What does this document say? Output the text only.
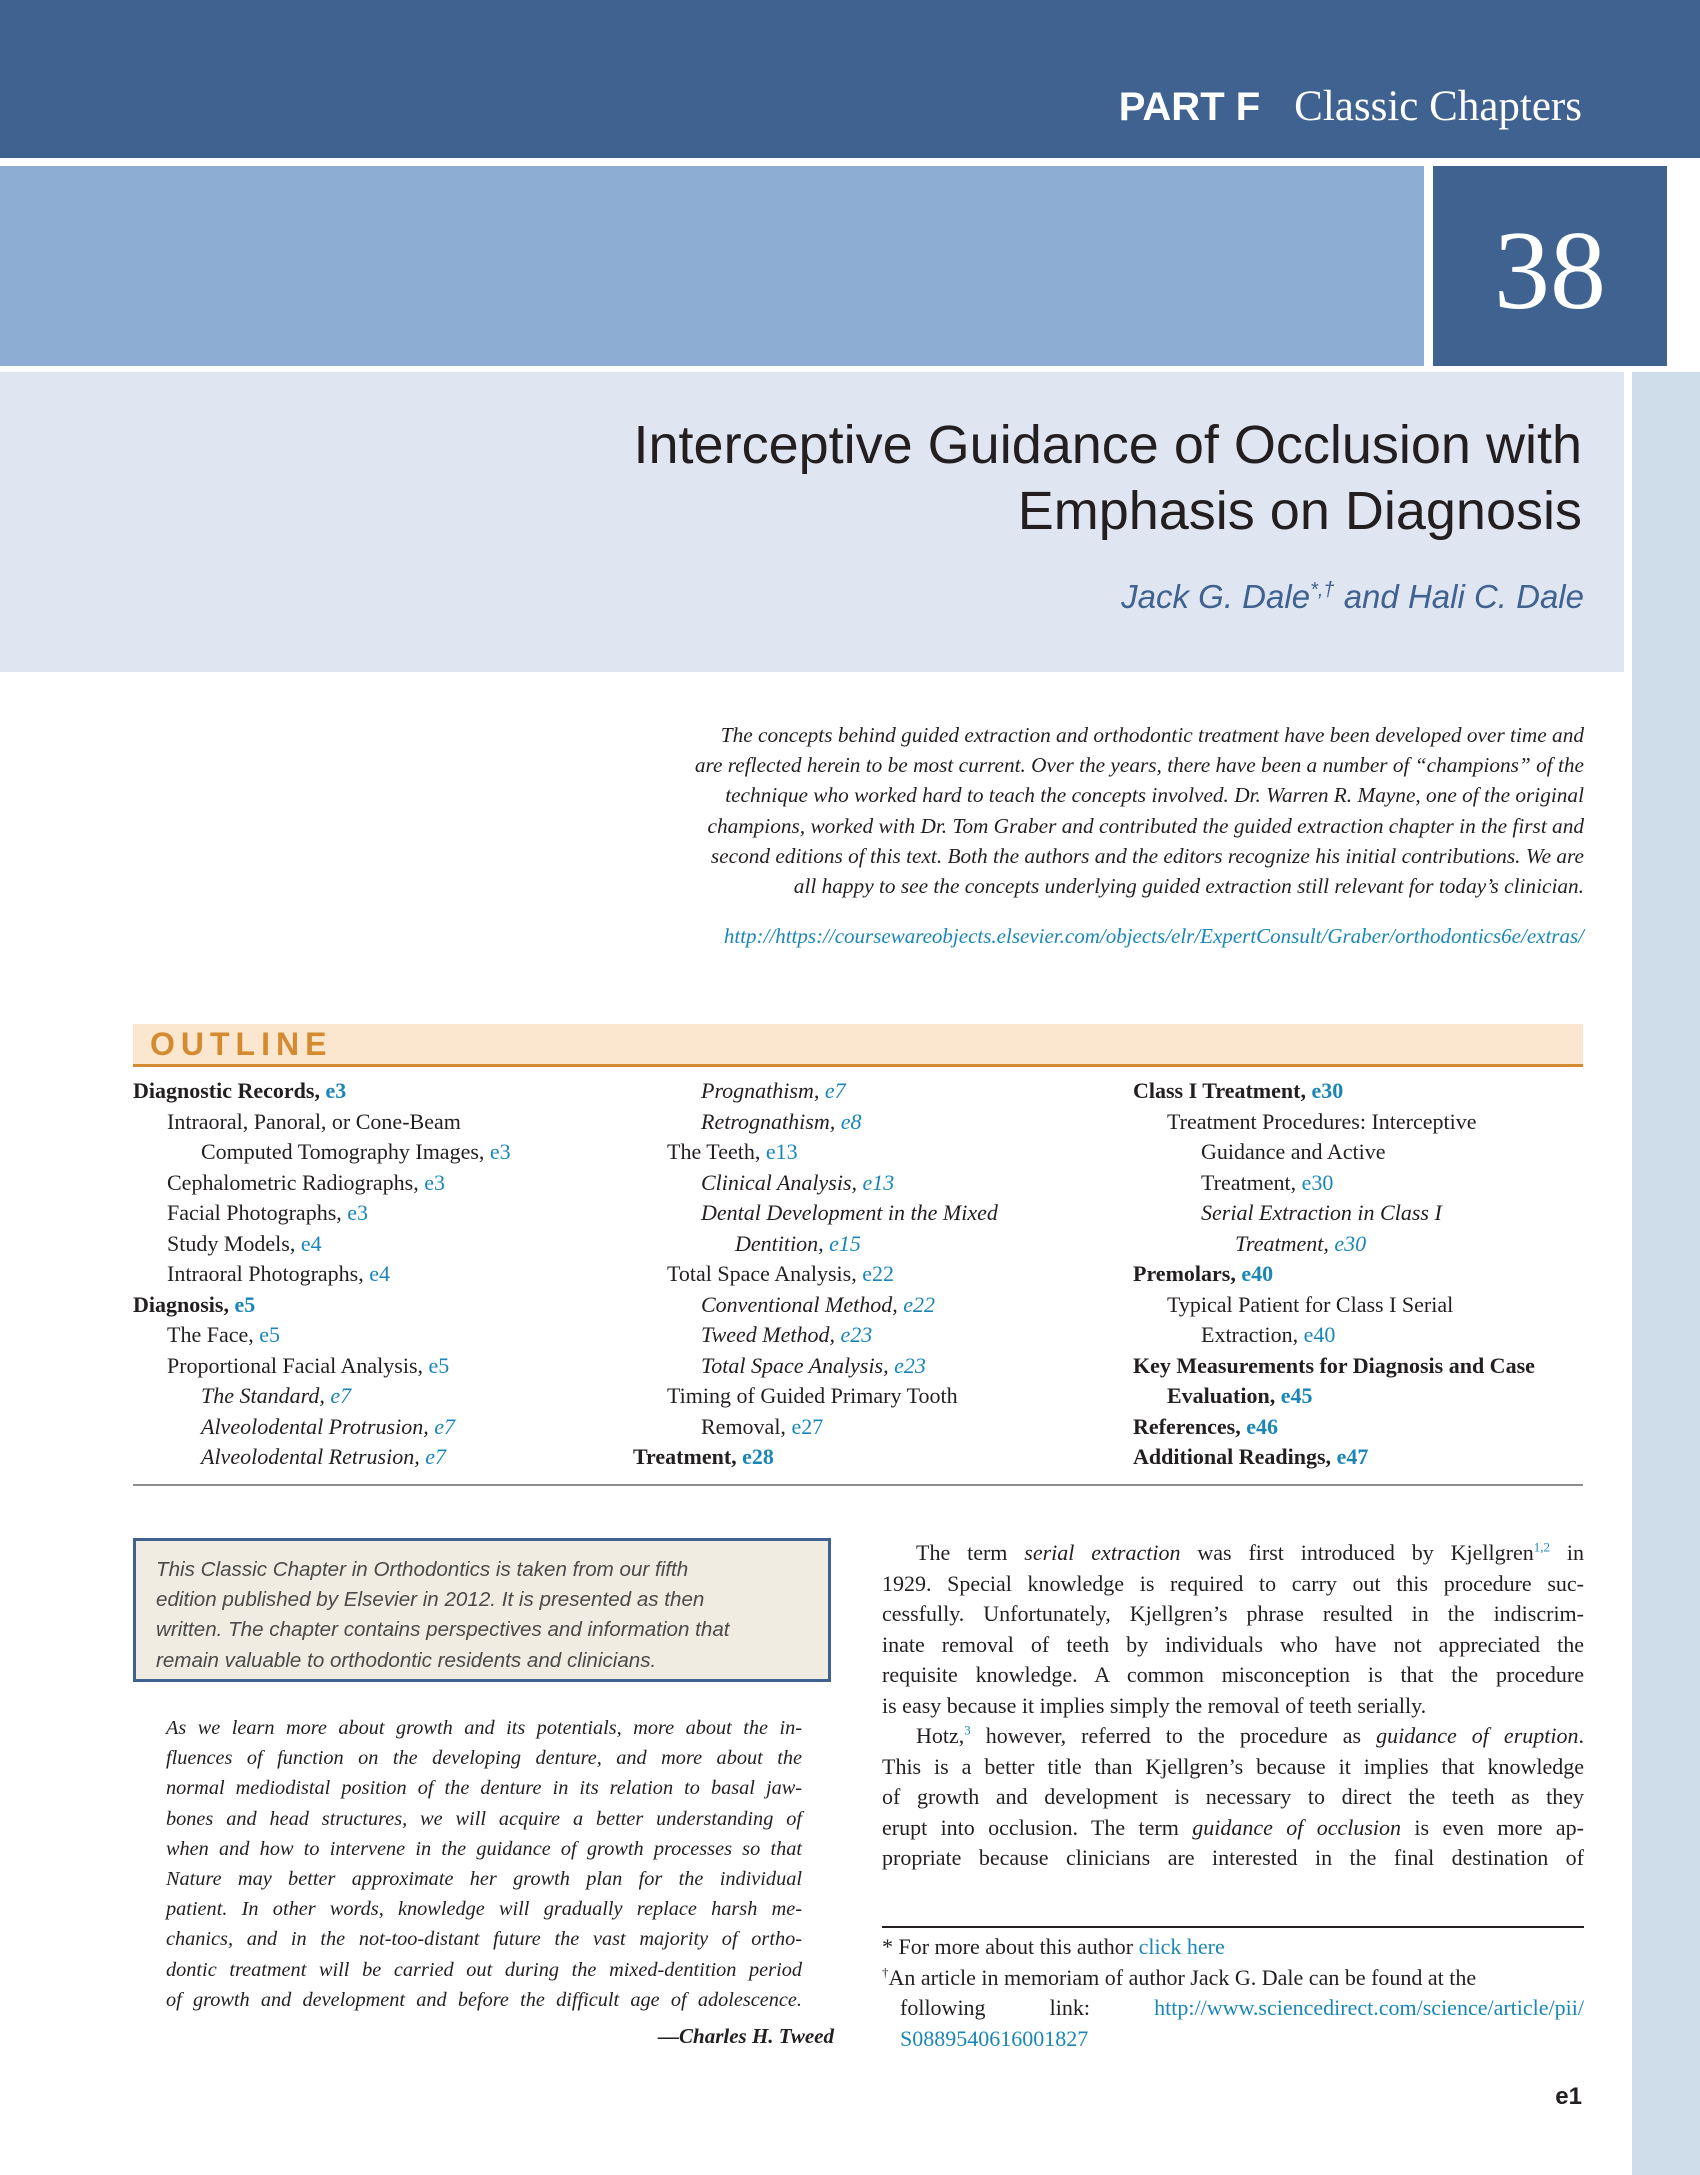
PART F Classic Chapters
38
Interceptive Guidance of Occlusion with
Emphasis on Diagnosis
Jack G. Dale*,† and Hali C. Dale
The concepts behind guided extraction and orthodontic treatment have been developed over time and
are reflected herein to be most current. Over the years, there have been a number of “champions” of the
technique who worked hard to teach the concepts involved. Dr. Warren R. Mayne, one of the original
champions, worked with Dr. Tom Graber and contributed the guided extraction chapter in the first and
second editions of this text. Both the authors and the editors recognize his initial contributions. We are
all happy to see the concepts underlying guided extraction still relevant for today’s clinician.
http://https://coursewareobjects.elsevier.com/objects/elr/ExpertConsult/Graber/orthodontics6e/extras/
OUTLINE
Diagnostic Records, e3
Intraoral, Panoral, or Cone-Beam
Computed Tomography Images, e3
Cephalometric Radiographs, e3
Facial Photographs, e3
Study Models, e4
Intraoral Photographs, e4
Diagnosis, e5
The Face, e5
Proportional Facial Analysis, e5
The Standard, e7
Alveolodental Protrusion, e7
Alveolodental Retrusion, e7
Prognathism, e7
Retrognathism, e8
The Teeth, e13
Clinical Analysis, e13
Dental Development in the Mixed
Dentition, e15
Total Space Analysis, e22
Conventional Method, e22
Tweed Method, e23
Total Space Analysis, e23
Timing of Guided Primary Tooth
Removal, e27
Treatment, e28
Class I Treatment, e30
Treatment Procedures: Interceptive
Guidance and Active
Treatment, e30
Serial Extraction in Class I
Treatment, e30
Premolars, e40
Typical Patient for Class I Serial
Extraction, e40
Key Measurements for Diagnosis and Case
Evaluation, e45
References, e46
Additional Readings, e47
This Classic Chapter in Orthodontics is taken from our fifth
edition published by Elsevier in 2012. It is presented as then
written. The chapter contains perspectives and information that
remain valuable to orthodontic residents and clinicians.
As we learn more about growth and its potentials, more about the in-
fluences of function on the developing denture, and more about the
normal mediodistal position of the denture in its relation to basal jaw-
bones and head structures, we will acquire a better understanding of
when and how to intervene in the guidance of growth processes so that
Nature may better approximate her growth plan for the individual
patient. In other words, knowledge will gradually replace harsh me-
chanics, and in the not-too-distant future the vast majority of ortho-
dontic treatment will be carried out during the mixed-dentition period
of growth and development and before the difficult age of adolescence.
—Charles H. Tweed
The term serial extraction was first introduced by Kjellgren$^{1,2}$ in
1929. Special knowledge is required to carry out this procedure suc-
cessfully. Unfortunately, Kjellgren’s phrase resulted in the indiscrim-
inate removal of teeth by individuals who have not appreciated the
requisite knowledge. A common misconception is that the procedure
is easy because it implies simply the removal of teeth serially.
Hotz,$^3$ however, referred to the procedure as guidance of eruption.
This is a better title than Kjellgren’s because it implies that knowledge
of growth and development is necessary to direct the teeth as they
erupt into occlusion. The term guidance of occlusion is even more ap-
propriate because clinicians are interested in the final destination of
* For more about this author click here
†An article in memoriam of author Jack G. Dale can be found at the
following link: http://www.sciencedirect.com/science/article/pii/
S0889540616001827
e1
